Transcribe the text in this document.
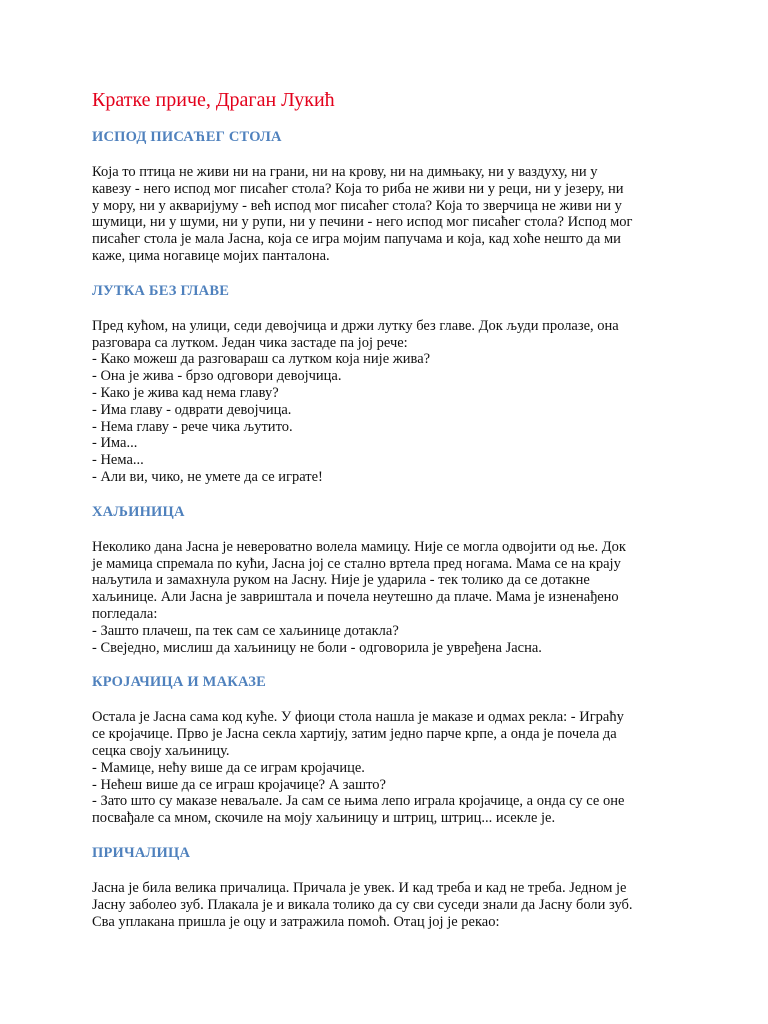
Кратке приче, Драган Лукић
ИСПОД ПИСАЋЕГ СТОЛА

Која то птица не живи ни на грани, ни на крову, ни на димњаку, ни у ваздуху, ни у
кавезу - него испод мог писаћег стола? Која то риба не живи ни у реци, ни у језеру, ни
у мору, ни у акваријуму - већ испод мог писаћег стола? Која то зверчица не живи ни у
шумици, ни у шуми, ни у рупи, ни у печини - него испод мог писаћег стола? Испод мог
писаћег стола је мала Јасна, која се игра мојим папучама и која, кад хоће нешто да ми
каже, цима ногавице мојих панталона.

ЛУТКА БЕЗ ГЛАВЕ

Пред кућом, на улици, седи девојчица и држи лутку без главе. Док људи пролазе, она
разговара са лутком. Један чика застаде па јој рече:
- Како можеш да разговараш са лутком која није жива?
- Она је жива - брзо одговори девојчица.
- Како је жива кад нема главу?
- Има главу - одврати девојчица.
- Нема главу - рече чика љутито.
- Има...
- Нема...
- Али ви, чико, не умете да се играте!

ХАЉИНИЦА

Неколико дана Јасна је невероватно волела мамицу. Није се могла одвојити од ње. Док
је мамица спремала по кући, Јасна јој се стално вртела пред ногама. Мама се на крају
наљутила и замахнула руком на Јасну. Није је ударила - тек толико да се дотакне
хаљинице. Али Јасна је завриштала и почела неутешно да плаче. Мама је изненађено
погледала:
- Зашто плачеш, па тек сам се хаљинице дотакла?
- Свеједно, мислиш да хаљиницу не боли - одговорила је увређена Јасна.

КРОЈАЧИЦА И МАКАЗЕ

Остала је Јасна сама код куће. У фиоци стола нашла је маказе и одмах рекла: - Играћу
се кројачице. Прво је Јасна секла хартију, затим једно парче крпе, а онда је почела да
сецка своју хаљиницу.
- Мамице, нећу више да се играм кројачице.
- Нећеш више да се играш кројачице? А зашто?
- Зато што су маказе неваљале. Ја сам се њима лепо играла кројачице, а онда су се оне
посвађале са мном, скочиле на моју хаљиницу и штриц, штриц... исекле је.

ПРИЧАЛИЦА

Јасна је била велика причалица. Причала је увек. И кад треба и кад не треба. Једном је
Јасну заболео зуб. Плакала је и викала толико да су сви суседи знали да Јасну боли зуб.
Сва уплакана пришла је оцу и затражила помоћ. Отац јој је рекао:
